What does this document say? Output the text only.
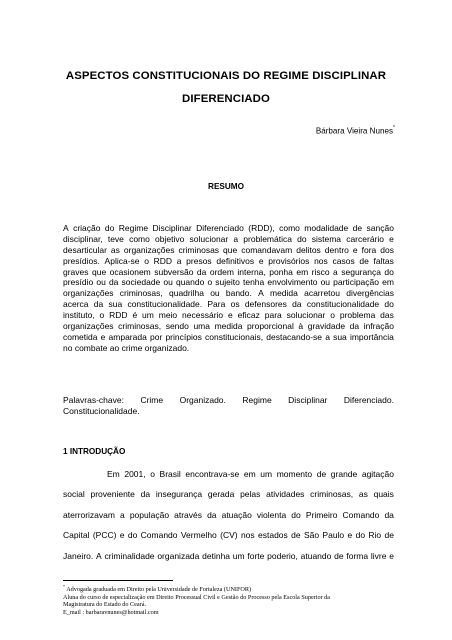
ASPECTOS CONSTITUCIONAIS DO REGIME DISCIPLINAR
DIFERENCIADO
Bárbara Vieira Nunes*
RESUMO
A criação do Regime Disciplinar Diferenciado (RDD), como modalidade de sanção
disciplinar, teve como objetivo solucionar a problemática do sistema carcerário e
desarticular as organizações criminosas que comandavam delitos dentro e fora dos
presídios. Aplica-se o RDD a presos definitivos e provisórios nos casos de faltas
graves que ocasionem subversão da ordem interna, ponha em risco a segurança do
presídio ou da sociedade ou quando o sujeito tenha envolvimento ou participação em
organizações criminosas, quadrilha ou bando. A medida acarretou divergências
acerca da sua constitucionalidade. Para os defensores da constitucionalidade do
instituto, o RDD é um meio necessário e eficaz para solucionar o problema das
organizações criminosas, sendo uma medida proporcional à gravidade da infração
cometida e amparada por princípios constitucionais, destacando-se a sua importância
no combate ao crime organizado.
Palavras-chave: Crime Organizado. Regime Disciplinar Diferenciado.
Constitucionalidade.
1 INTRODUÇÃO
Em 2001, o Brasil encontrava-se em um momento de grande agitação
social proveniente da insegurança gerada pelas atividades criminosas, as quais
aterrorizavam a população através da atuação violenta do Primeiro Comando da
Capital (PCC) e do Comando Vermelho (CV) nos estados de São Paulo e do Rio de
Janeiro. A criminalidade organizada detinha um forte poderio, atuando de forma livre e
* Advogada graduada em Direito pela Universidade de Fortaleza (UNIFOR)
Aluna do curso de especialização em Direito Processual Civil e Gestão do Processo pela Escola Superior da
Magistratura do Estado do Ceará.
E_mail : barbaravnunes@hotmail.com
